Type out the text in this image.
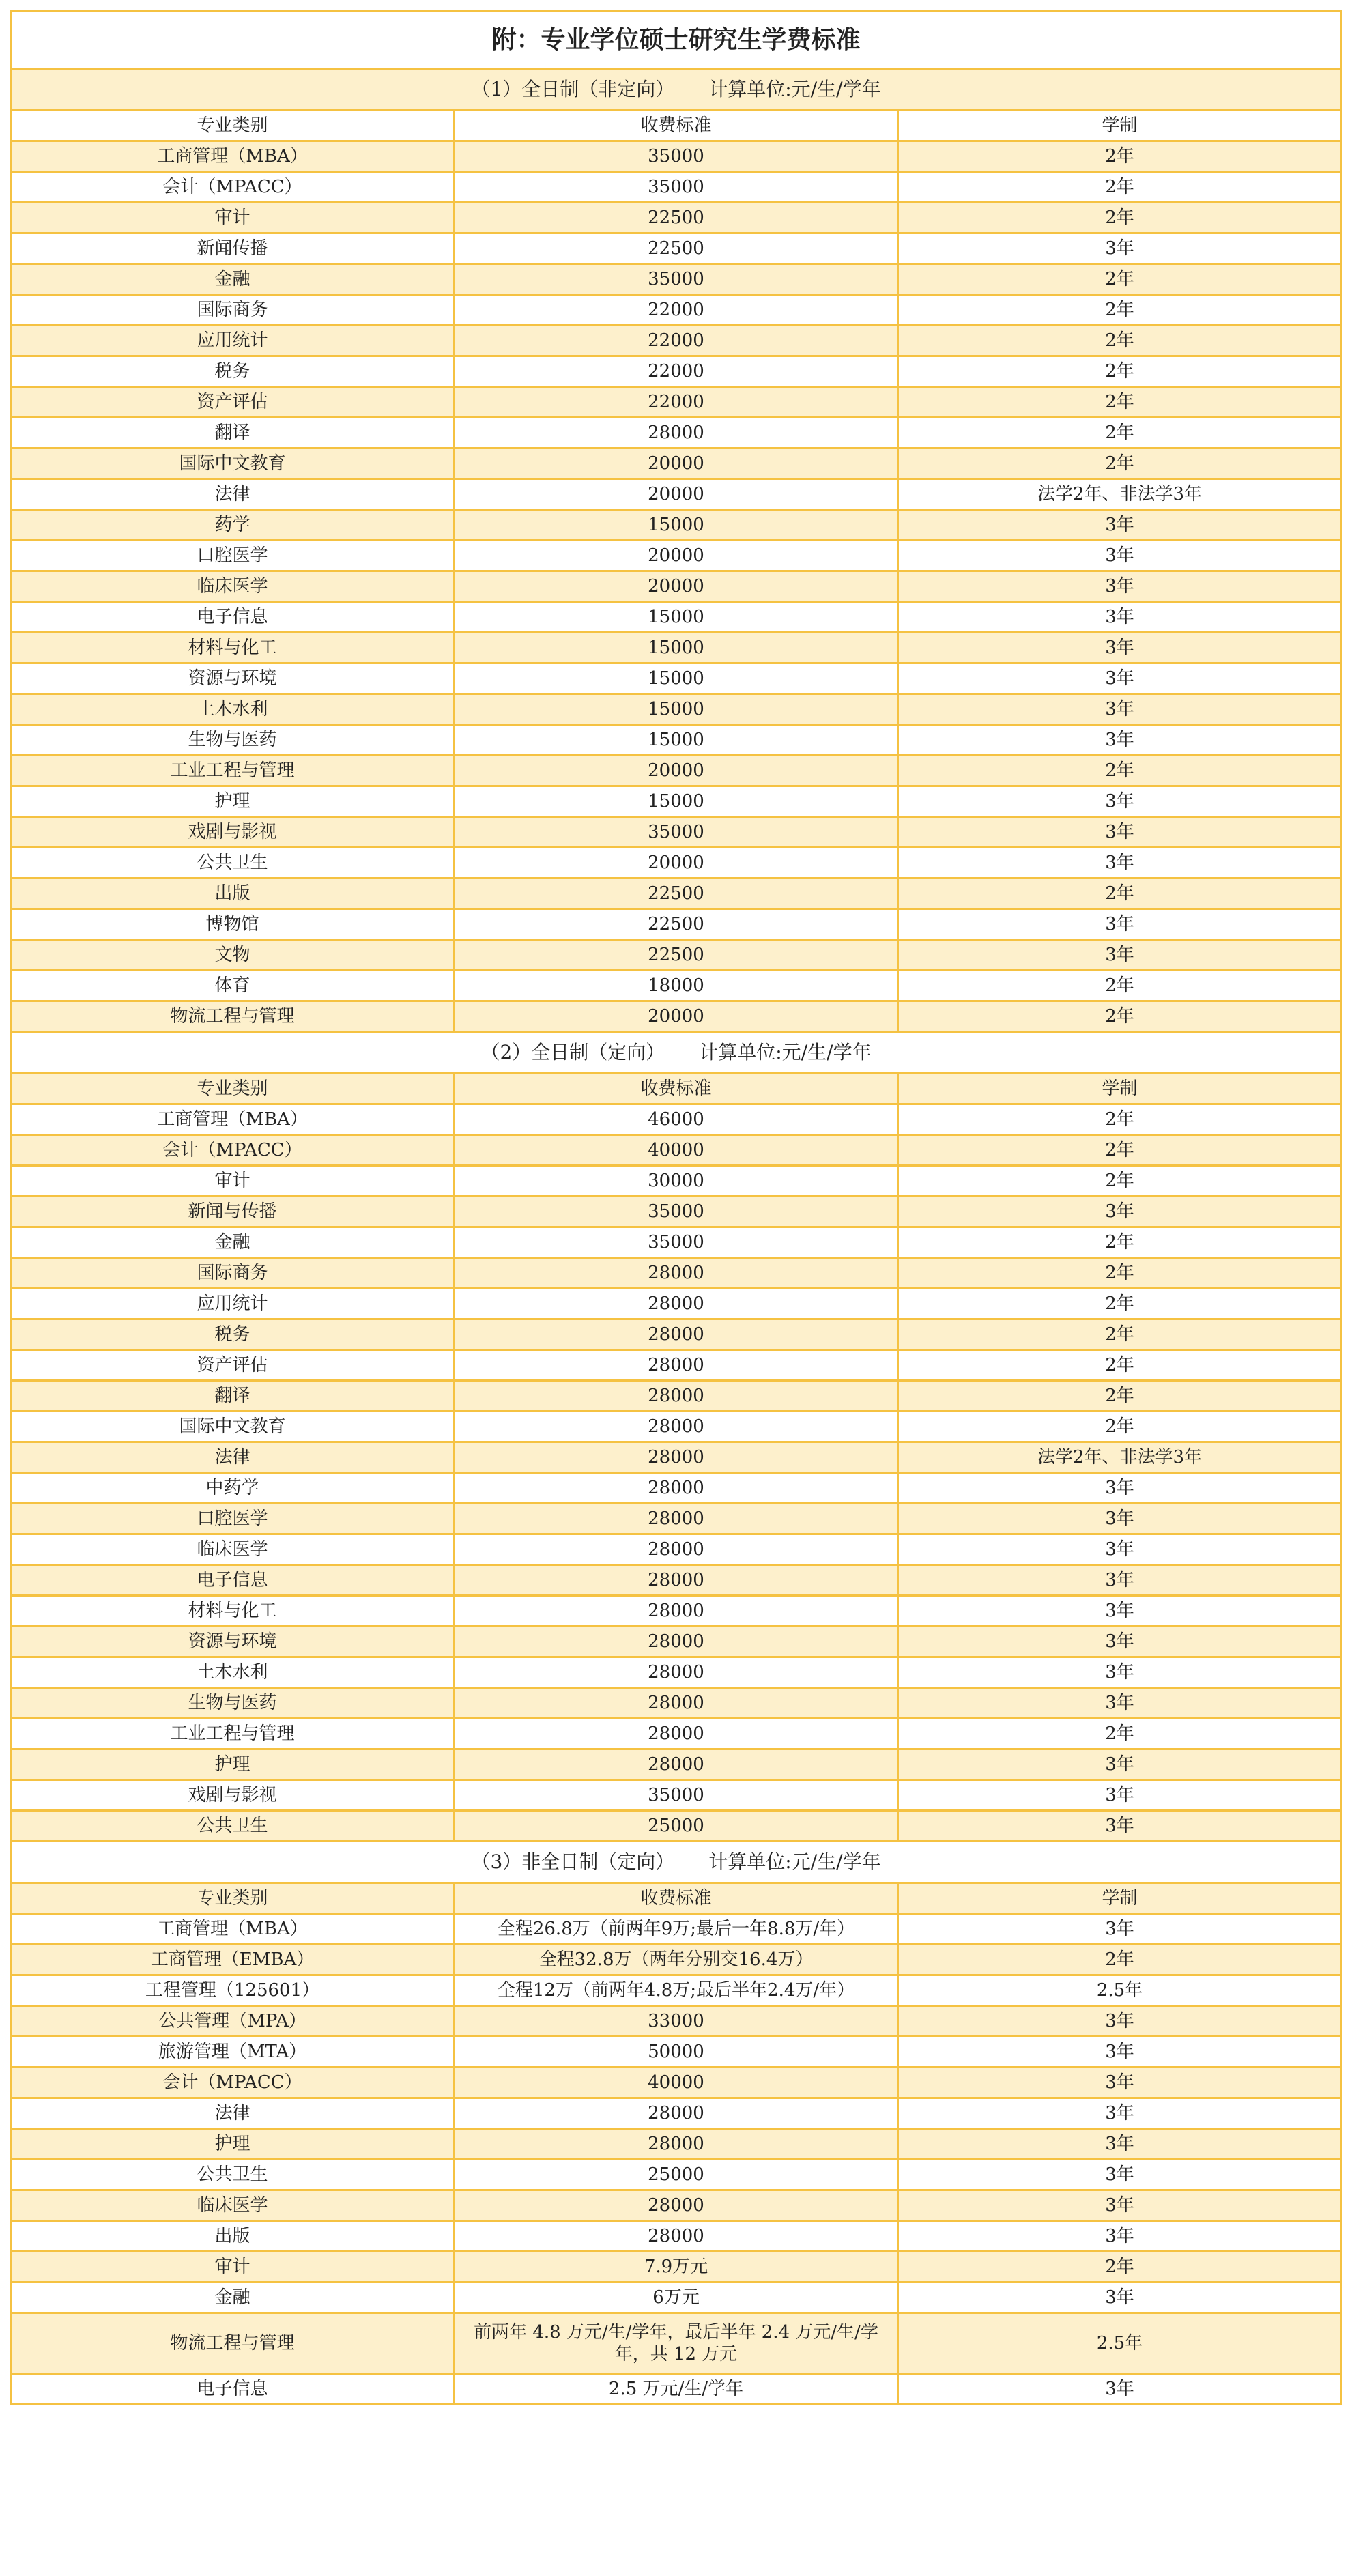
附：专业学位硕士研究生学费标准		
（1）全日制（非定向） 计算单位:元/生/学年		
专业类别	收费标准	学制
工商管理（MBA）	35000	2年
会计（MPACC）	35000	2年
审计	22500	2年
新闻传播	22500	3年
金融	35000	2年
国际商务	22000	2年
应用统计	22000	2年
税务	22000	2年
资产评估	22000	2年
翻译	28000	2年
国际中文教育	20000	2年
法律	20000	法学2年、非法学3年
药学	15000	3年
口腔医学	20000	3年
临床医学	20000	3年
电子信息	15000	3年
材料与化工	15000	3年
资源与环境	15000	3年
土木水利	15000	3年
生物与医药	15000	3年
工业工程与管理	20000	2年
护理	15000	3年
戏剧与影视	35000	3年
公共卫生	20000	3年
出版	22500	2年
博物馆	22500	3年
文物	22500	3年
体育	18000	2年
物流工程与管理	20000	2年
（2）全日制（定向） 计算单位:元/生/学年		
专业类别	收费标准	学制
工商管理（MBA）	46000	2年
会计（MPACC）	40000	2年
审计	30000	2年
新闻与传播	35000	3年
金融	35000	2年
国际商务	28000	2年
应用统计	28000	2年
税务	28000	2年
资产评估	28000	2年
翻译	28000	2年
国际中文教育	28000	2年
法律	28000	法学2年、非法学3年
中药学	28000	3年
口腔医学	28000	3年
临床医学	28000	3年
电子信息	28000	3年
材料与化工	28000	3年
资源与环境	28000	3年
土木水利	28000	3年
生物与医药	28000	3年
工业工程与管理	28000	2年
护理	28000	3年
戏剧与影视	35000	3年
公共卫生	25000	3年
（3）非全日制（定向） 计算单位:元/生/学年		
专业类别	收费标准	学制
工商管理（MBA）	全程26.8万（前两年9万;最后一年8.8万/年）	3年
工商管理（EMBA）	全程32.8万（两年分别交16.4万）	2年
工程管理（125601）	全程12万（前两年4.8万;最后半年2.4万/年）	2.5年
公共管理（MPA）	33000	3年
旅游管理（MTA）	50000	3年
会计（MPACC）	40000	3年
法律	28000	3年
护理	28000	3年
公共卫生	25000	3年
临床医学	28000	3年
出版	28000	3年
审计	7.9万元	2年
金融	6万元	3年
物流工程与管理	前两年 4.8 万元/生/学年，最后半年 2.4 万元/生/学年，共 12 万元	2.5年
电子信息	2.5 万元/生/学年	3年
